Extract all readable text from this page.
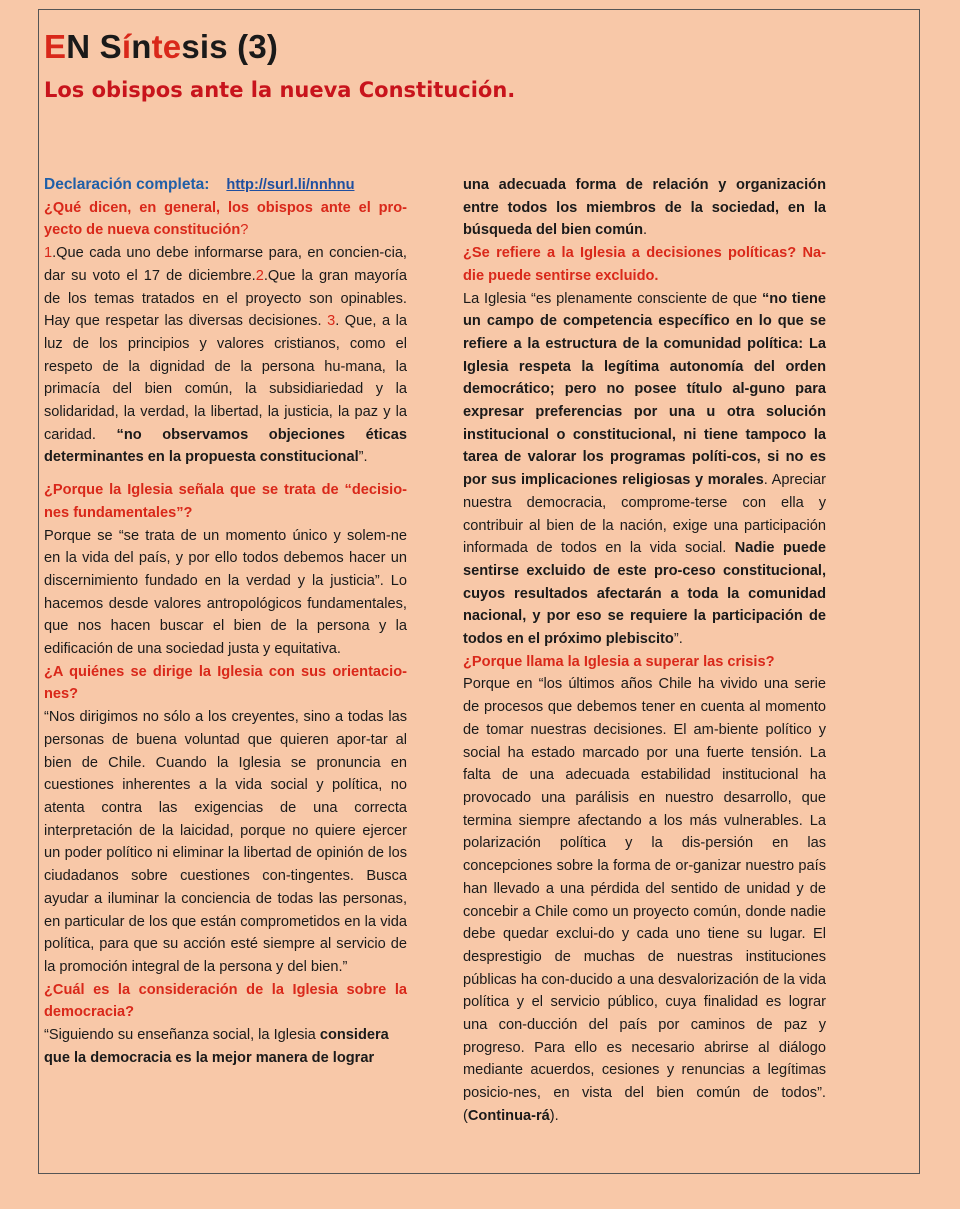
EN Síntesis (3)
Los obispos ante la nueva Constitución.

Declaración completa: http://surl.li/nnhnu

¿Qué dicen, en general, los obispos ante el pro-yecto de nueva constitución?

1.Que cada uno debe informarse para, en concien-cia, dar su voto el 17 de diciembre.2.Que la gran mayoría de los temas tratados en el proyecto son opinables. Hay que respetar las diversas decisiones. 3. Que, a la luz de los principios y valores cristianos, como el respeto de la dignidad de la persona hu-mana, la primacía del bien común, la subsidiariedad y la solidaridad, la verdad, la libertad, la justicia, la paz y la caridad. “no observamos objeciones éticas determinantes en la propuesta constitucional”.

¿Porque la Iglesia señala que se trata de “decisio-nes fundamentales”?

Porque se “se trata de un momento único y solem-ne en la vida del país, y por ello todos debemos hacer un discernimiento fundado en la verdad y la justicia”. Lo hacemos desde valores antropológicos fundamentales, que nos hacen buscar el bien de la persona y la edificación de una sociedad justa y equitativa.

¿A quiénes se dirige la Iglesia con sus orientacio-nes?

“Nos dirigimos no sólo a los creyentes, sino a todas las personas de buena voluntad que quieren apor-tar al bien de Chile. Cuando la Iglesia se pronuncia en cuestiones inherentes a la vida social y política, no atenta contra las exigencias de una correcta interpretación de la laicidad, porque no quiere ejercer un poder político ni eliminar la libertad de opinión de los ciudadanos sobre cuestiones con-tingentes. Busca ayudar a iluminar la conciencia de todas las personas, en particular de los que están comprometidos en la vida política, para que su acción esté siempre al servicio de la promoción integral de la persona y del bien.”

¿Cuál es la consideración de la Iglesia sobre la democracia?

“Siguiendo su enseñanza social, la Iglesia considera que la democracia es la mejor manera de lograr

una adecuada forma de relación y organización entre todos los miembros de la sociedad, en la búsqueda del bien común.

¿Se refiere a la Iglesia a decisiones políticas? Na-die puede sentirse excluido.

La Iglesia “es plenamente consciente de que “no tiene un campo de competencia específico en lo que se refiere a la estructura de la comunidad política: La Iglesia respeta la legítima autonomía del orden democrático; pero no posee título al-guno para expresar preferencias por una u otra solución institucional o constitucional, ni tiene tampoco la tarea de valorar los programas políti-cos, si no es por sus implicaciones religiosas y morales. Apreciar nuestra democracia, comprome-terse con ella y contribuir al bien de la nación, exige una participación informada de todos en la vida social. Nadie puede sentirse excluido de este pro-ceso constitucional, cuyos resultados afectarán a toda la comunidad nacional, y por eso se requiere la participación de todos en el próximo plebiscito”.

¿Porque llama la Iglesia a superar las crisis?

Porque en “los últimos años Chile ha vivido una serie de procesos que debemos tener en cuenta al momento de tomar nuestras decisiones. El am-biente político y social ha estado marcado por una fuerte tensión. La falta de una adecuada estabilidad institucional ha provocado una parálisis en nuestro desarrollo, que termina siempre afectando a los más vulnerables. La polarización política y la dis-persión en las concepciones sobre la forma de or-ganizar nuestro país han llevado a una pérdida del sentido de unidad y de concebir a Chile como un proyecto común, donde nadie debe quedar exclui-do y cada uno tiene su lugar. El desprestigio de muchas de nuestras instituciones públicas ha con-ducido a una desvalorización de la vida política y el servicio público, cuya finalidad es lograr una con-ducción del país por caminos de paz y progreso. Para ello es necesario abrirse al diálogo mediante acuerdos, cesiones y renuncias a legítimas posicio-nes, en vista del bien común de todos”. (Continua-rá).
